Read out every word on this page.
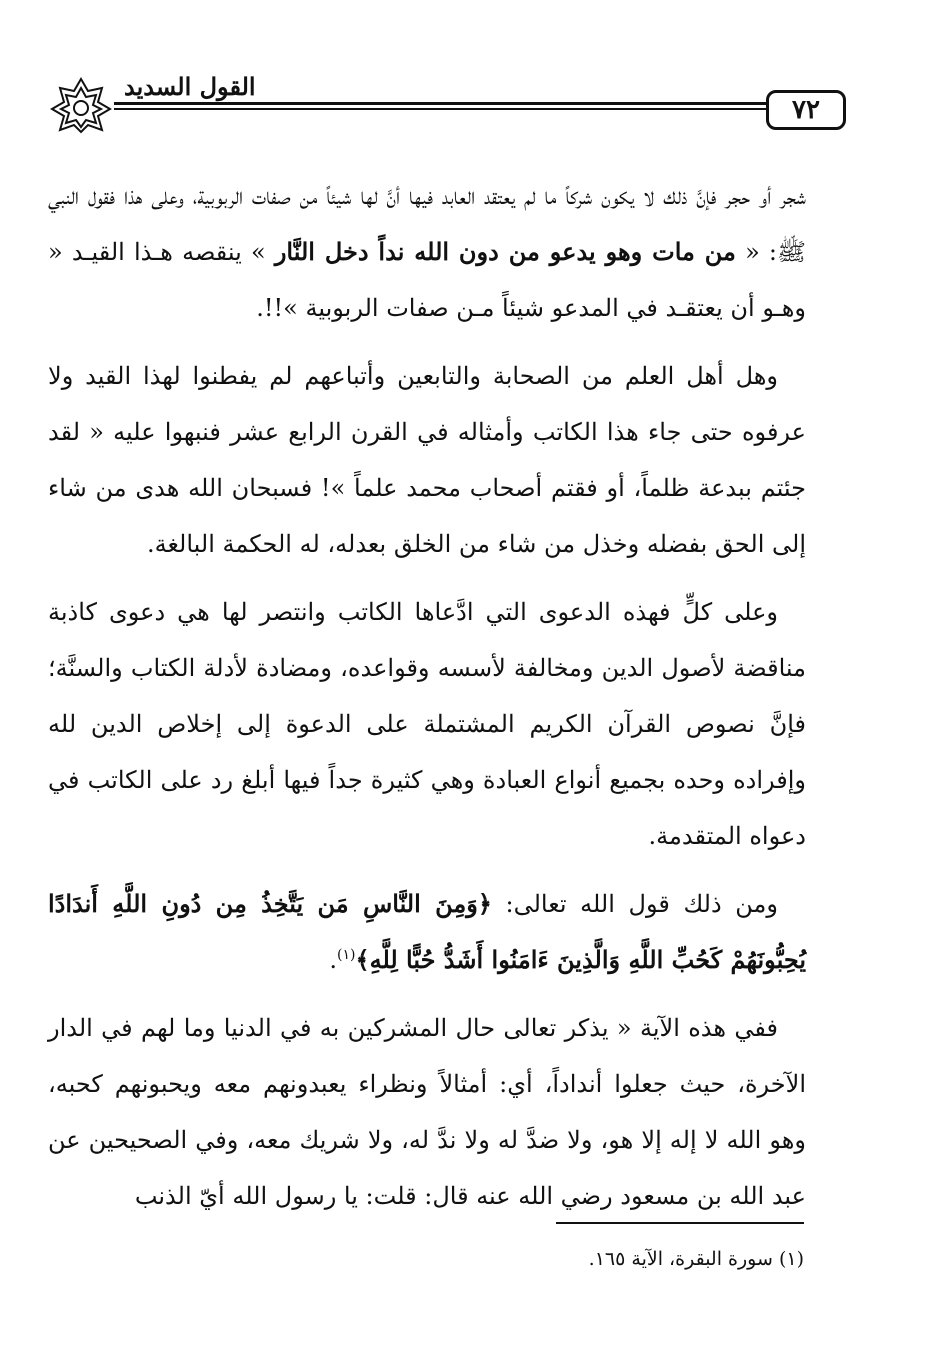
القول السديد
٧٢

شجر أو حجر فإنَّ ذلك لا يكون شركاً ما لم يعتقد العابد فيها أنَّ لها شيئاً من صفات الربوبية، وعلى هذا فقول النبي ﷺ: « من مات وهو يدعو من دون الله نداً دخل النَّار » ينقصه هـذا القيـد « وهـو أن يعتقـد في المدعو شيئاً مـن صفات الربوبية »!!.

وهل أهل العلم من الصحابة والتابعين وأتباعهم لم يفطنوا لهذا القيد ولا عرفوه حتى جاء هذا الكاتب وأمثاله في القرن الرابع عشر فنبهوا عليه « لقد جئتم ببدعة ظلماً، أو فقتم أصحاب محمد علماً »! فسبحان الله هدى من شاء إلى الحق بفضله وخذل من شاء من الخلق بعدله، له الحكمة البالغة.

وعلى كلٍّ فهذه الدعوى التي ادَّعاها الكاتب وانتصر لها هي دعوى كاذبة مناقضة لأصول الدين ومخالفة لأسسه وقواعده، ومضادة لأدلة الكتاب والسنَّة؛ فإنَّ نصوص القرآن الكريم المشتملة على الدعوة إلى إخلاص الدين لله وإفراده وحده بجميع أنواع العبادة وهي كثيرة جداً فيها أبلغ رد على الكاتب في دعواه المتقدمة.

ومن ذلك قول الله تعالى: ﴿وَمِنَ النَّاسِ مَن يَتَّخِذُ مِن دُونِ اللَّهِ أَندَادًا يُحِبُّونَهُمْ كَحُبِّ اللَّهِ وَالَّذِينَ ءَامَنُوا أَشَدُّ حُبًّا لِلَّهِ﴾$^{(١)}$.

ففي هذه الآية « يذكر تعالى حال المشركين به في الدنيا وما لهم في الدار الآخرة، حيث جعلوا أنداداً، أي: أمثالاً ونظراء يعبدونهم معه ويحبونهم كحبه، وهو الله لا إله إلا هو، ولا ضدَّ له ولا ندَّ له، ولا شريك معه، وفي الصحيحين عن عبد الله بن مسعود رضي الله عنه قال: قلت: يا رسول الله أيّ الذنب

(١) سورة البقرة، الآية ١٦٥.
